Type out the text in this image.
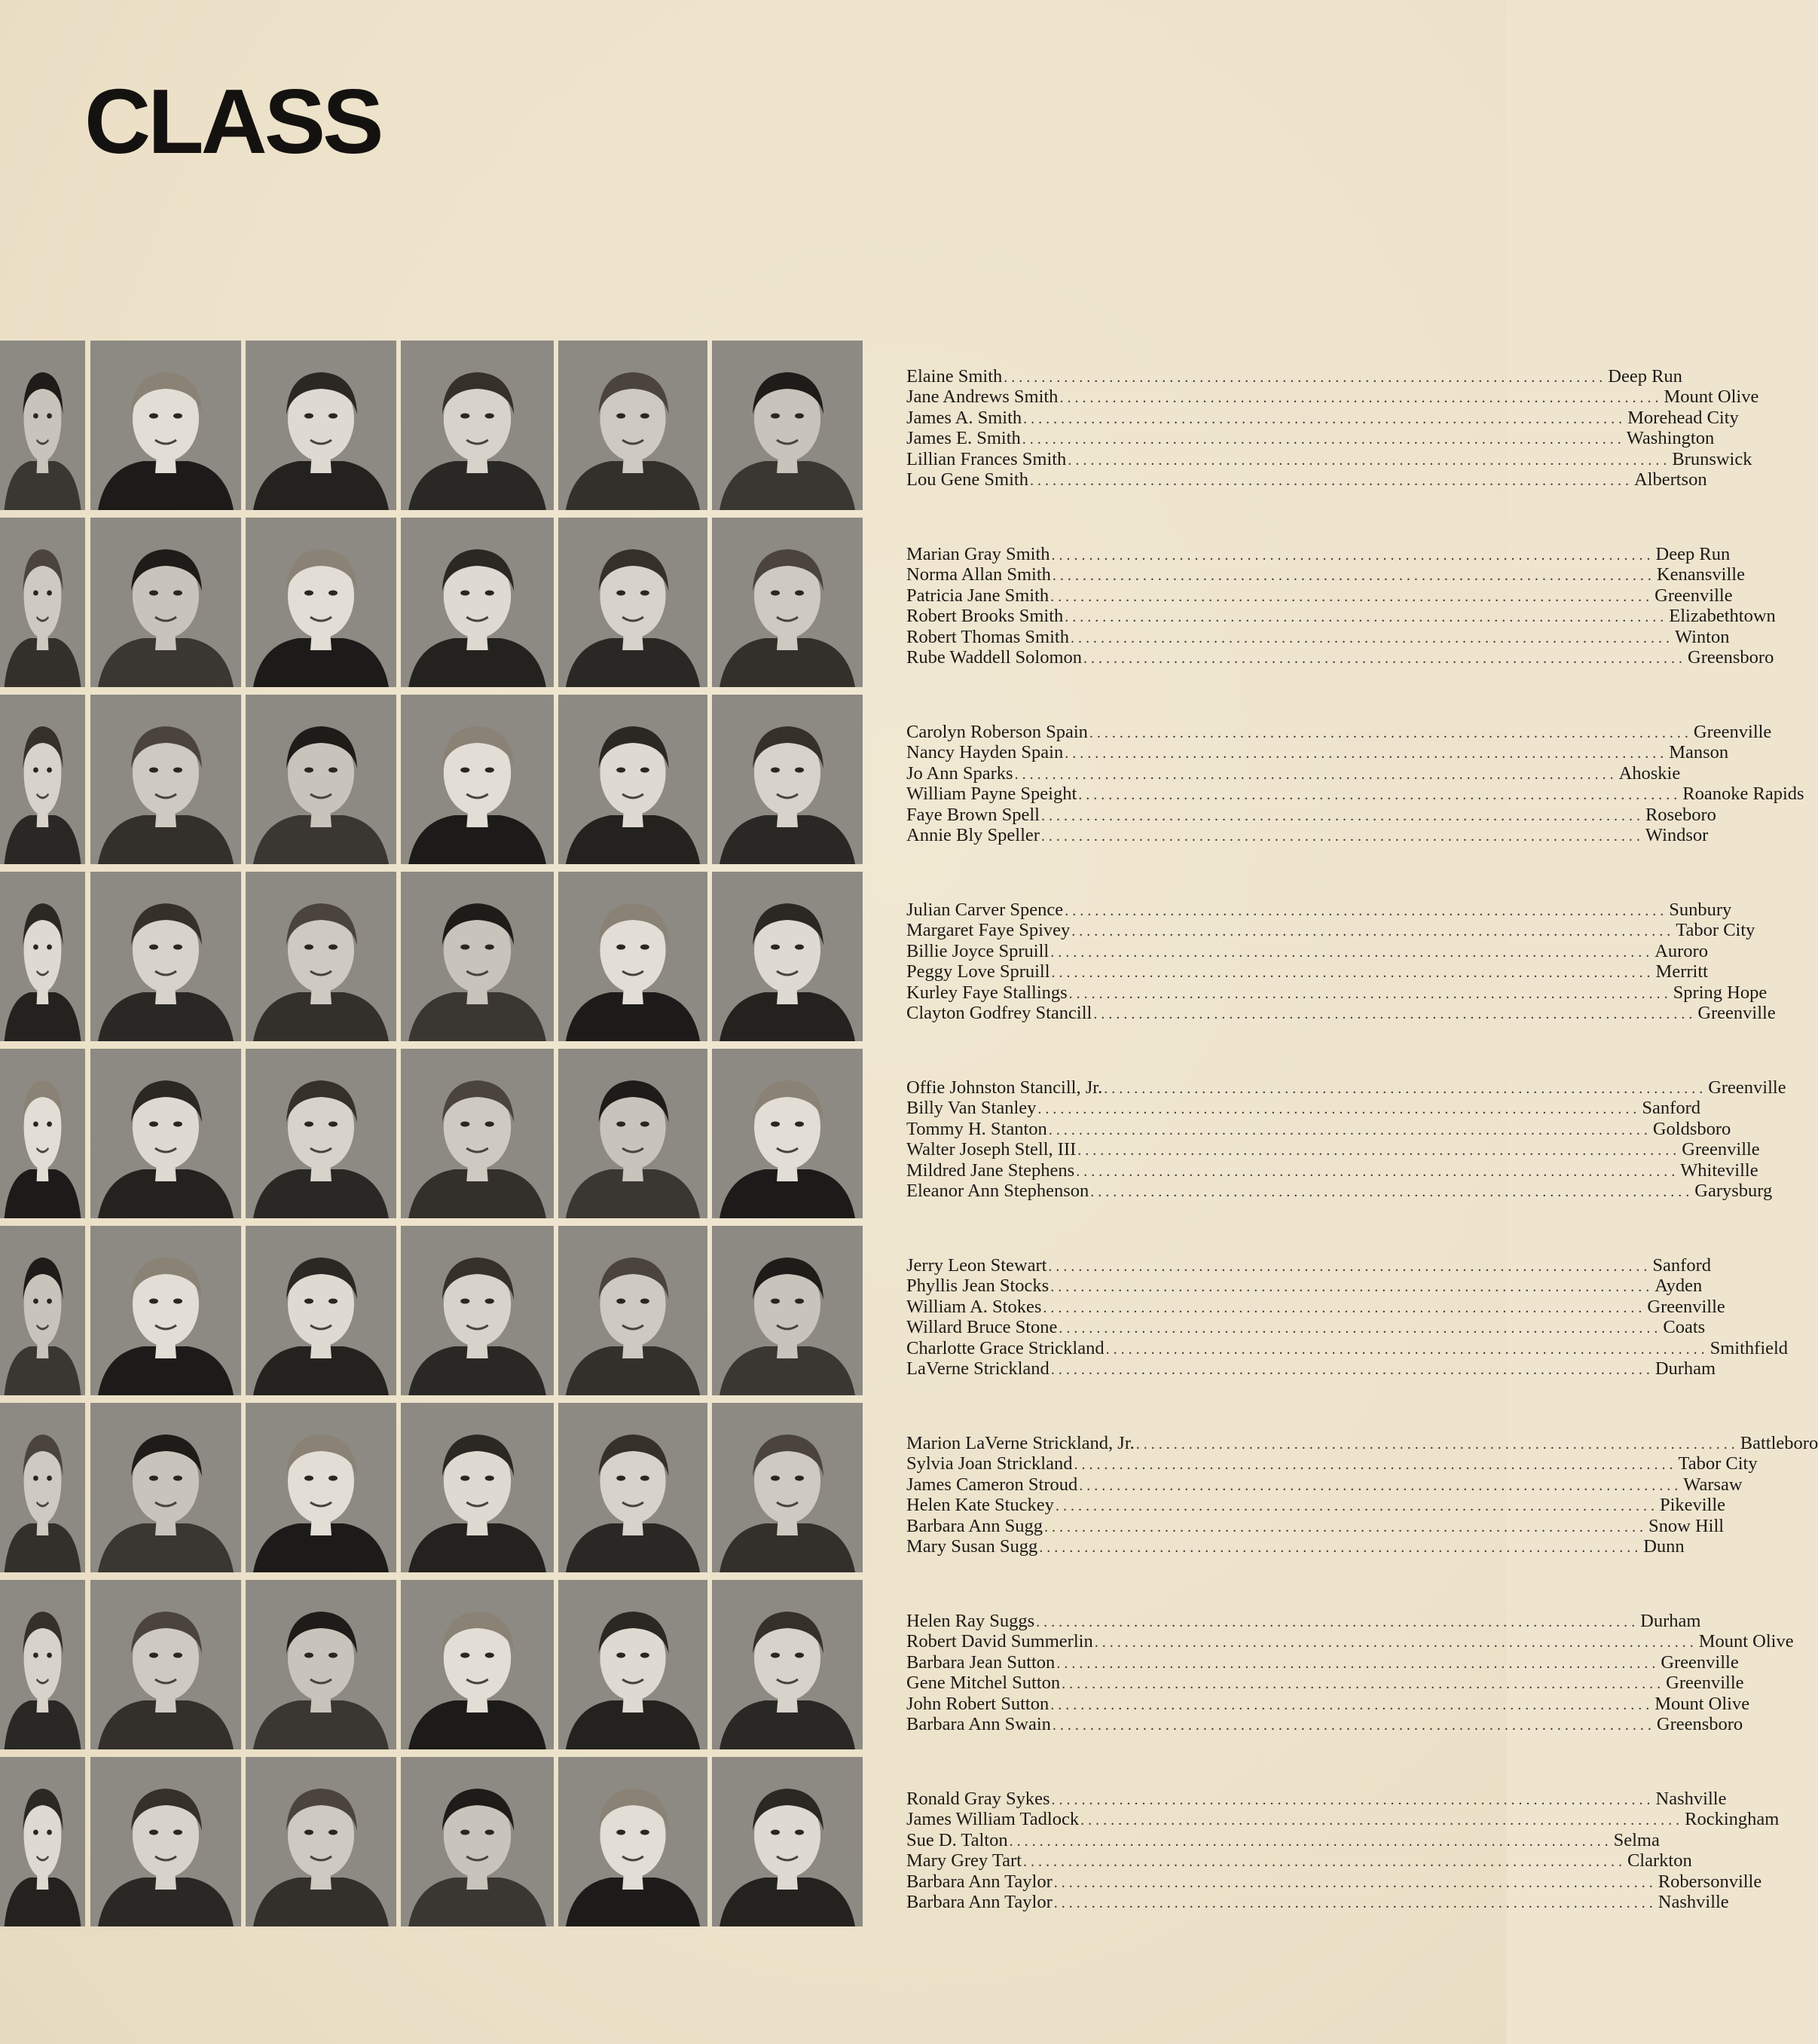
CLASS
Elaine Smith ................................................................................ Deep Run
Jane Andrews Smith ................................................................................ Mount Olive
James A. Smith ................................................................................ Morehead City
James E. Smith ................................................................................ Washington
Lillian Frances Smith ................................................................................ Brunswick
Lou Gene Smith ................................................................................ Albertson
Marian Gray Smith ................................................................................ Deep Run
Norma Allan Smith ................................................................................ Kenansville
Patricia Jane Smith ................................................................................ Greenville
Robert Brooks Smith ................................................................................ Elizabethtown
Robert Thomas Smith ................................................................................ Winton
Rube Waddell Solomon ................................................................................ Greensboro
Carolyn Roberson Spain ................................................................................ Greenville
Nancy Hayden Spain ................................................................................ Manson
Jo Ann Sparks ................................................................................ Ahoskie
William Payne Speight ................................................................................ Roanoke Rapids
Faye Brown Spell ................................................................................ Roseboro
Annie Bly Speller ................................................................................ Windsor
Julian Carver Spence ................................................................................ Sunbury
Margaret Faye Spivey ................................................................................ Tabor City
Billie Joyce Spruill ................................................................................ Auroro
Peggy Love Spruill ................................................................................ Merritt
Kurley Faye Stallings ................................................................................ Spring Hope
Clayton Godfrey Stancill ................................................................................ Greenville
Offie Johnston Stancill, Jr. ................................................................................ Greenville
Billy Van Stanley ................................................................................ Sanford
Tommy H. Stanton ................................................................................ Goldsboro
Walter Joseph Stell, III ................................................................................ Greenville
Mildred Jane Stephens ................................................................................ Whiteville
Eleanor Ann Stephenson ................................................................................ Garysburg
Jerry Leon Stewart ................................................................................ Sanford
Phyllis Jean Stocks ................................................................................ Ayden
William A. Stokes ................................................................................ Greenville
Willard Bruce Stone ................................................................................ Coats
Charlotte Grace Strickland ................................................................................ Smithfield
LaVerne Strickland ................................................................................ Durham
Marion LaVerne Strickland, Jr. ................................................................................ Battleboro
Sylvia Joan Strickland ................................................................................ Tabor City
James Cameron Stroud ................................................................................ Warsaw
Helen Kate Stuckey ................................................................................ Pikeville
Barbara Ann Sugg ................................................................................ Snow Hill
Mary Susan Sugg ................................................................................ Dunn
Helen Ray Suggs ................................................................................ Durham
Robert David Summerlin ................................................................................ Mount Olive
Barbara Jean Sutton ................................................................................ Greenville
Gene Mitchel Sutton ................................................................................ Greenville
John Robert Sutton ................................................................................ Mount Olive
Barbara Ann Swain ................................................................................ Greensboro
Ronald Gray Sykes ................................................................................ Nashville
James William Tadlock ................................................................................ Rockingham
Sue D. Talton ................................................................................ Selma
Mary Grey Tart ................................................................................ Clarkton
Barbara Ann Taylor ................................................................................ Robersonville
Barbara Ann Taylor ................................................................................ Nashville
